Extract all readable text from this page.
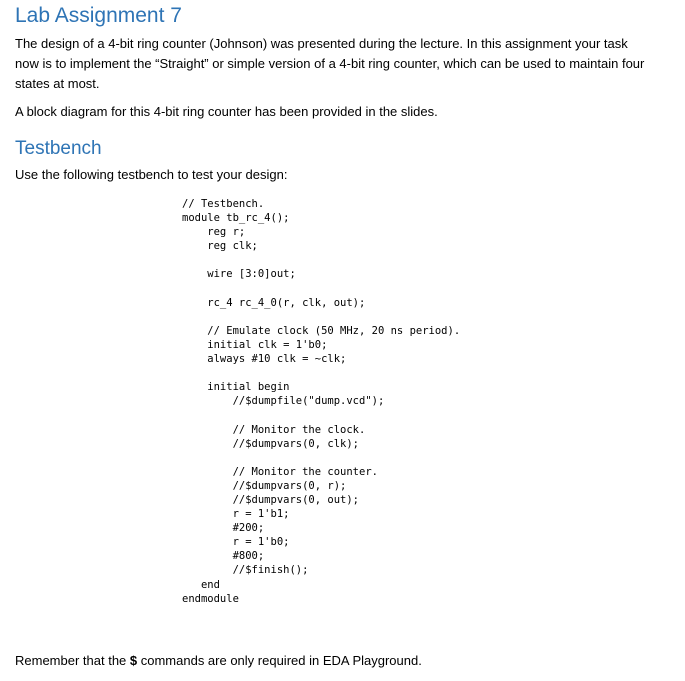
Lab Assignment 7

The design of a 4-bit ring counter (Johnson) was presented during the lecture. In this assignment your task now is to implement the “Straight” or simple version of a 4-bit ring counter, which can be used to maintain four states at most.

A block diagram for this 4-bit ring counter has been provided in the slides.

Testbench

Use the following testbench to test your design:

// Testbench.
module tb_rc_4();
reg r;
reg clk;
wire [3:0]out;
rc_4 rc_4_0(r, clk, out);
// Emulate clock (50 MHz, 20 ns period).
initial clk = 1'b0;
always #10 clk = ~clk;
initial begin
//$dumpfile("dump.vcd");
// Monitor the clock.
//$dumpvars(0, clk);
// Monitor the counter.
//$dumpvars(0, r);
//$dumpvars(0, out);
r = 1'b1;
#200;
r = 1'b0;
#800;
//$finish();
end
endmodule

Remember that the $ commands are only required in EDA Playground.
